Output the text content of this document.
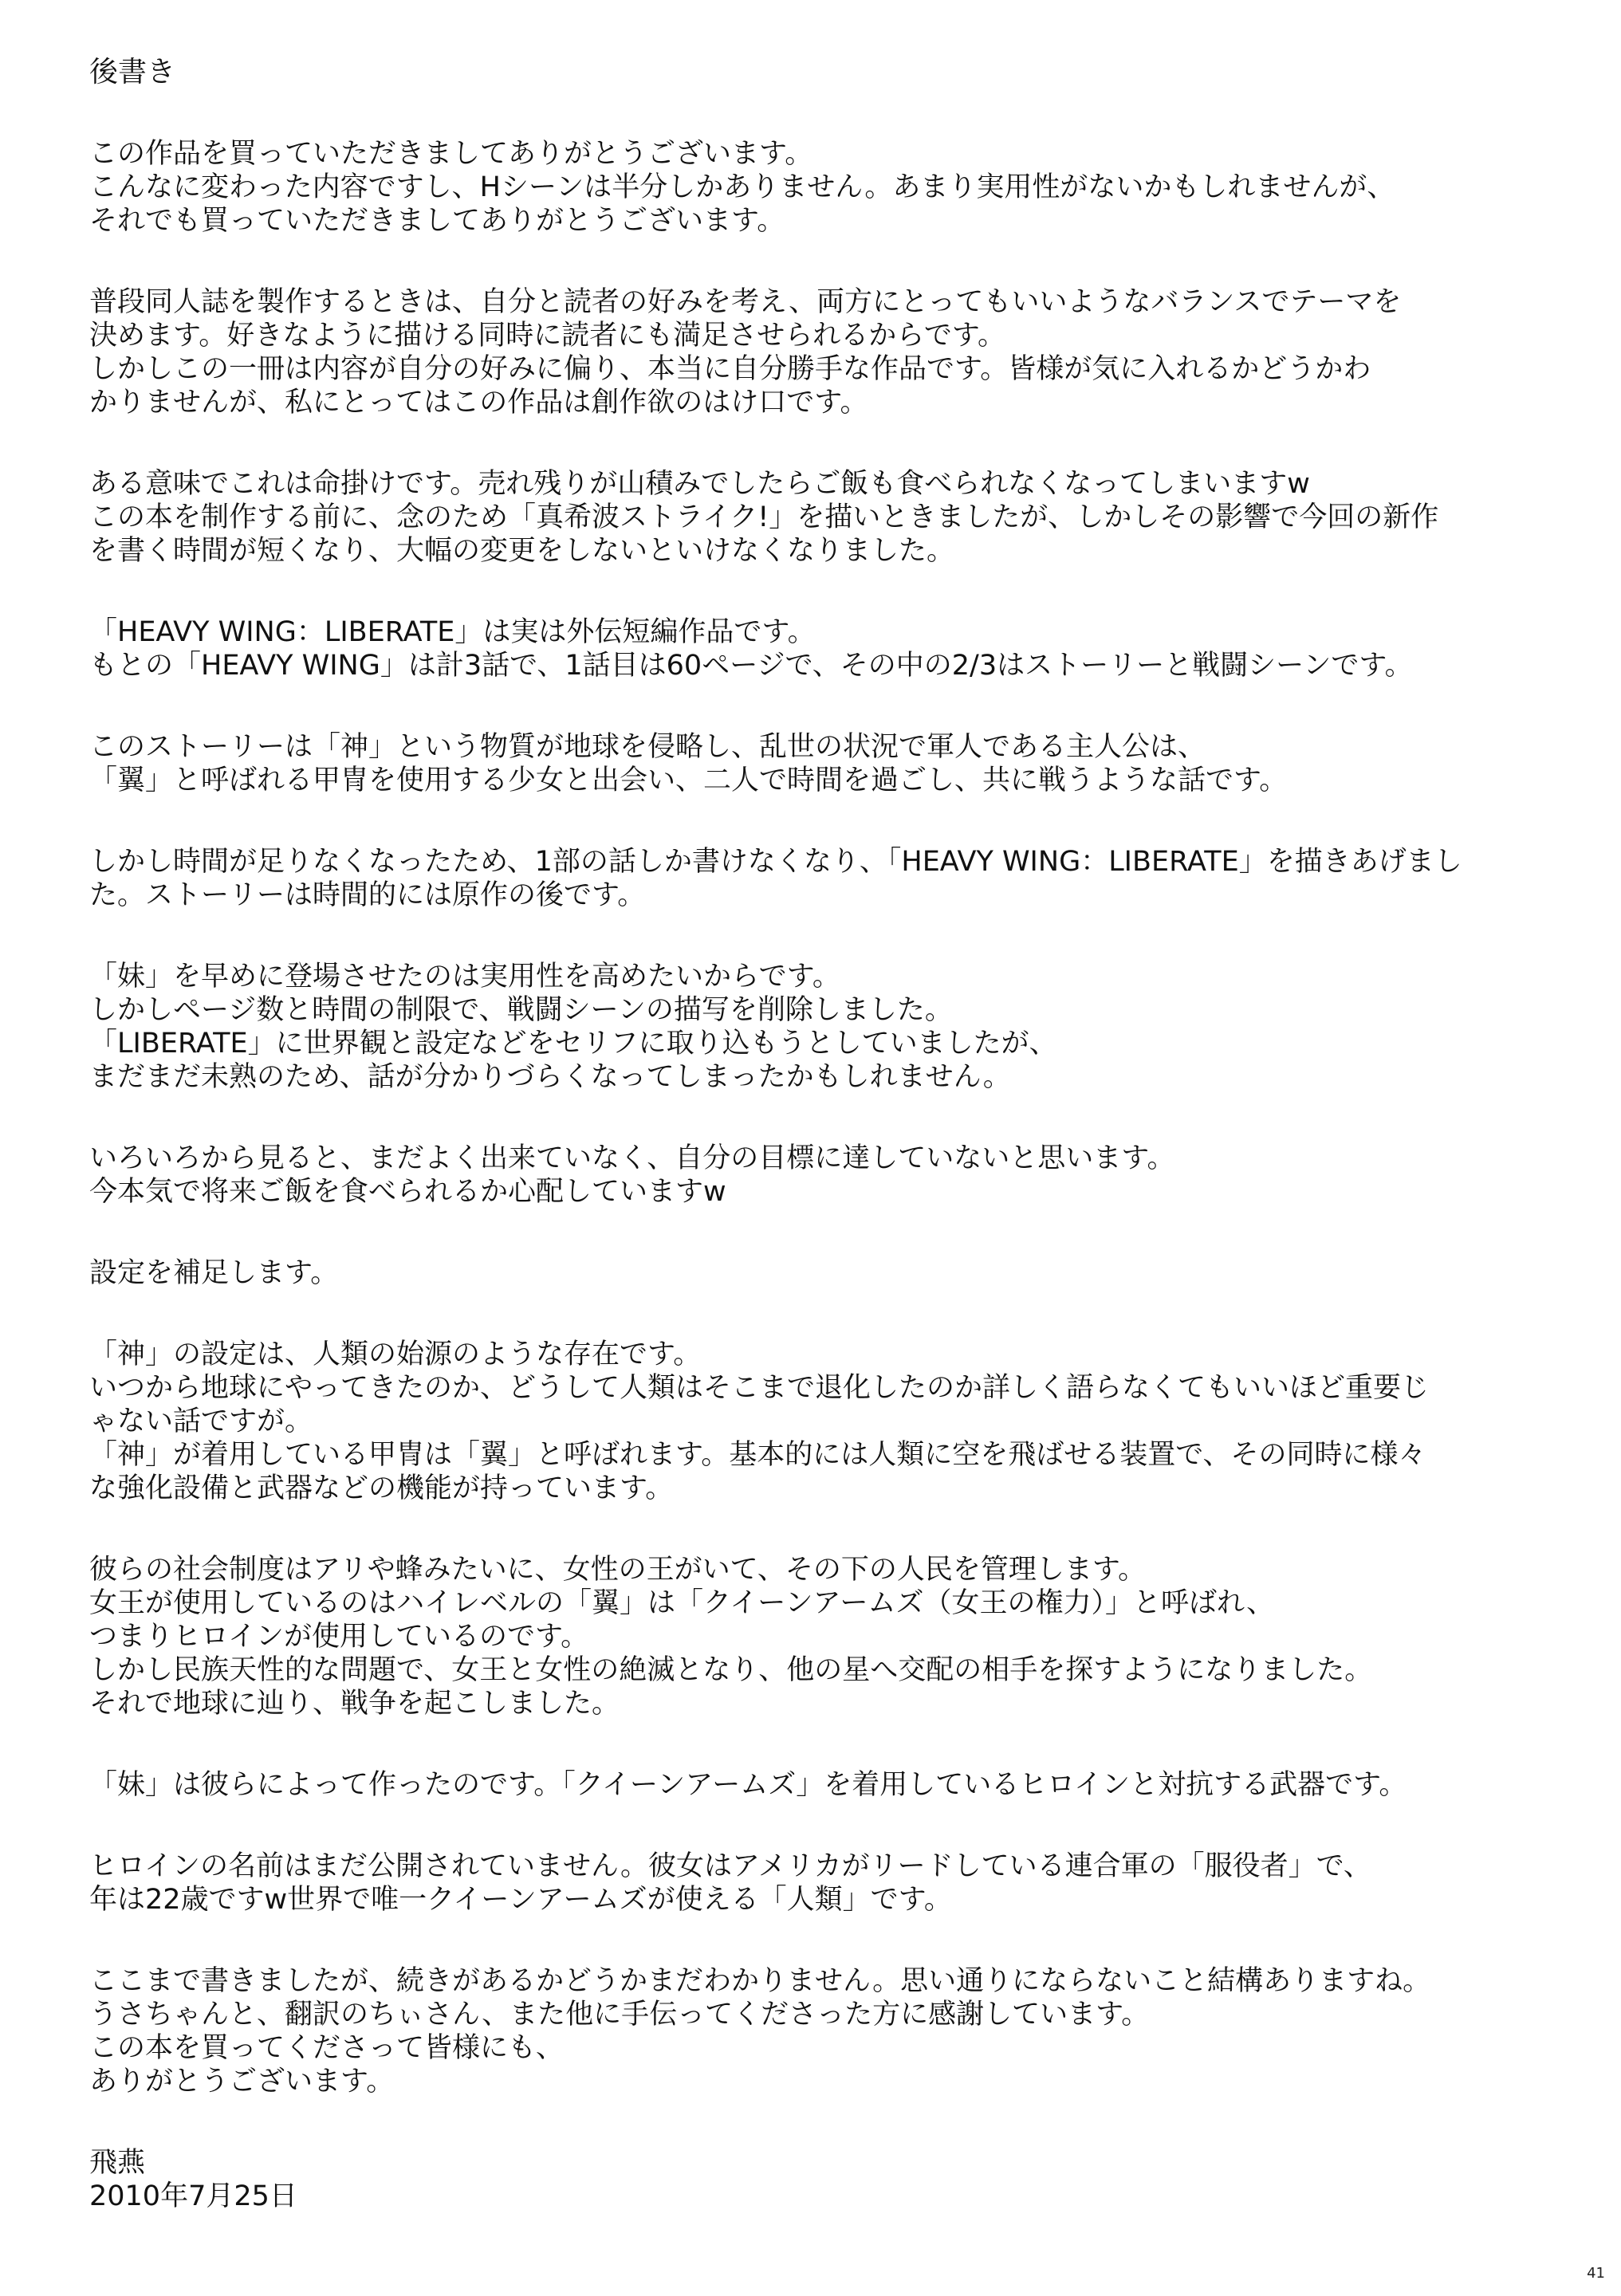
後書き
この作品を買っていただきましてありがとうございます。
こんなに変わった内容ですし、Hシーンは半分しかありません。あまり実用性がないかもしれませんが、
それでも買っていただきましてありがとうございます。
普段同人誌を製作するときは、自分と読者の好みを考え、両方にとってもいいようなバランスでテーマを
決めます。好きなように描ける同時に読者にも満足させられるからです。
しかしこの一冊は内容が自分の好みに偏り、本当に自分勝手な作品です。皆様が気に入れるかどうかわ
かりませんが、私にとってはこの作品は創作欲のはけ口です。
ある意味でこれは命掛けです。売れ残りが山積みでしたらご飯も食べられなくなってしまいますw
この本を制作する前に、念のため「真希波ストライク!」を描いときましたが、しかしその影響で今回の新作
を書く時間が短くなり、大幅の変更をしないといけなくなりました。
「HEAVY WING：LIBERATE」は実は外伝短編作品です。
もとの「HEAVY WING」は計3話で、1話目は60ページで、その中の2/3はストーリーと戦闘シーンです。
このストーリーは「神」という物質が地球を侵略し、乱世の状況で軍人である主人公は、
「翼」と呼ばれる甲冑を使用する少女と出会い、二人で時間を過ごし、共に戦うような話です。
しかし時間が足りなくなったため、1部の話しか書けなくなり、「HEAVY WING：LIBERATE」を描きあげまし
た。ストーリーは時間的には原作の後です。
「妹」を早めに登場させたのは実用性を高めたいからです。
しかしページ数と時間の制限で、戦闘シーンの描写を削除しました。
「LIBERATE」に世界観と設定などをセリフに取り込もうとしていましたが、
まだまだ未熟のため、話が分かりづらくなってしまったかもしれません。
いろいろから見ると、まだよく出来ていなく、自分の目標に達していないと思います。
今本気で将来ご飯を食べられるか心配していますw
設定を補足します。
「神」の設定は、人類の始源のような存在です。
いつから地球にやってきたのか、どうして人類はそこまで退化したのか詳しく語らなくてもいいほど重要じ
ゃない話ですが。
「神」が着用している甲冑は「翼」と呼ばれます。基本的には人類に空を飛ばせる装置で、その同時に様々
な強化設備と武器などの機能が持っています。
彼らの社会制度はアリや蜂みたいに、女性の王がいて、その下の人民を管理します。
女王が使用しているのはハイレベルの「翼」は「クイーンアームズ（女王の権力）」と呼ばれ、
つまりヒロインが使用しているのです。
しかし民族天性的な問題で、女王と女性の絶滅となり、他の星へ交配の相手を探すようになりました。
それで地球に辿り、戦争を起こしました。
「妹」は彼らによって作ったのです。「クイーンアームズ」を着用しているヒロインと対抗する武器です。
ヒロインの名前はまだ公開されていません。彼女はアメリカがリードしている連合軍の「服役者」で、
年は22歳ですw世界で唯一クイーンアームズが使える「人類」です。
ここまで書きましたが、続きがあるかどうかまだわかりません。思い通りにならないこと結構ありますね。
うさちゃんと、翻訳のちぃさん、また他に手伝ってくださった方に感謝しています。
この本を買ってくださって皆様にも、
ありがとうございます。
飛燕
2010年7月25日
41
